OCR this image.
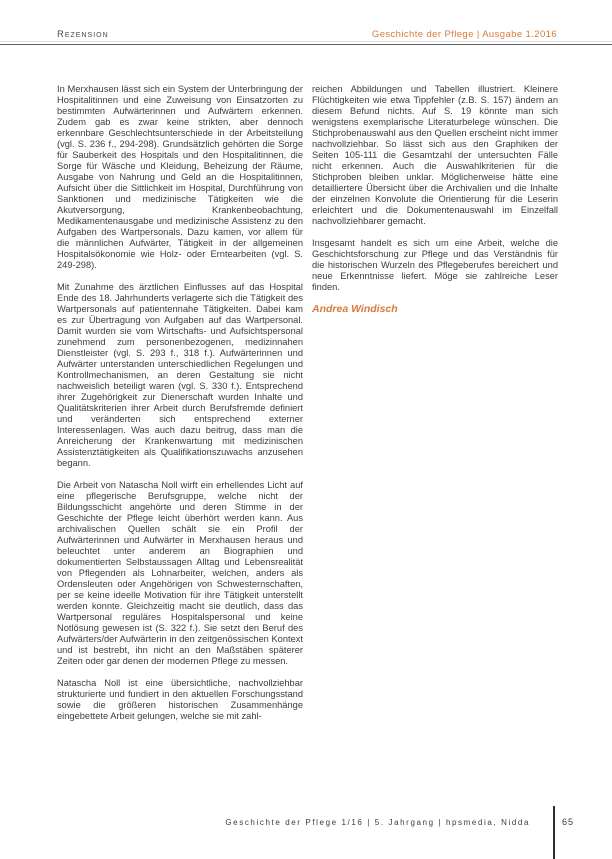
Rezension	Geschichte der Pflege | Ausgabe 1.2016

In Merxhausen lässt sich ein System der Unterbringung der Hospitalitinnen und eine Zuweisung von Einsatzorten zu bestimmten Aufwärterinnen und Aufwärtern erkennen. Zudem gab es zwar keine strikten, aber dennoch erkennbare Geschlechtsunterschiede in der Arbeitsteilung (vgl. S. 236 f., 294-298). Grundsätzlich gehörten die Sorge für Sauberkeit des Hospitals und den Hospitalitinnen, die Sorge für Wäsche und Kleidung, Beheizung der Räume, Ausgabe von Nahrung und Geld an die Hospitalitinnen, Aufsicht über die Sittlichkeit im Hospital, Durchführung von Sanktionen und medizinische Tätigkeiten wie die Akutversorgung, Krankenbeobachtung, Medikamentenausgabe und medizinische Assistenz zu den Aufgaben des Wartpersonals. Dazu kamen, vor allem für die männlichen Aufwärter, Tätigkeit in der allgemeinen Hospitalsökonomie wie Holz- oder Erntearbeiten (vgl. S. 249-298).

Mit Zunahme des ärztlichen Einflusses auf das Hospital Ende des 18. Jahrhunderts verlagerte sich die Tätigkeit des Wartpersonals auf patientennahe Tätigkeiten. Dabei kam es zur Übertragung von Aufgaben auf das Wartpersonal. Damit wurden sie vom Wirtschafts- und Aufsichtspersonal zunehmend zum personenbezogenen, medizinnahen Dienstleister (vgl. S. 293 f., 318 f.). Aufwärterinnen und Aufwärter unterstanden unterschiedlichen Regelungen und Kontrollmechanismen, an deren Gestaltung sie nicht nachweislich beteiligt waren (vgl. S. 330 f.). Entsprechend ihrer Zugehörigkeit zur Dienerschaft wurden Inhalte und Qualitätskriterien ihrer Arbeit durch Berufsfremde definiert und veränderten sich entsprechend externer Interessenlagen. Was auch dazu beitrug, dass man die Anreicherung der Krankenwartung mit medizinischen Assistenztätigkeiten als Qualifikationszuwachs anzusehen begann.

Die Arbeit von Natascha Noll wirft ein erhellendes Licht auf eine pflegerische Berufsgruppe, welche nicht der Bildungsschicht angehörte und deren Stimme in der Geschichte der Pflege leicht überhört werden kann. Aus archivalischen Quellen schält sie ein Profil der Aufwärterinnen und Aufwärter in Merxhausen heraus und beleuchtet unter anderem an Biographien und dokumentierten Selbstaussagen Alltag und Lebensrealität von Pflegenden als Lohnarbeiter, welchen, anders als Ordensleuten oder Angehörigen von Schwesternschaften, per se keine ideelle Motivation für ihre Tätigkeit unterstellt werden konnte. Gleichzeitig macht sie deutlich, dass das Wartpersonal reguläres Hospitalspersonal und keine Notlösung gewesen ist (S. 322 f.). Sie setzt den Beruf des Aufwärters/der Aufwärterin in den zeitgenössischen Kontext und ist bestrebt, ihn nicht an den Maßstäben späterer Zeiten oder gar denen der modernen Pflege zu messen.

Natascha Noll ist eine übersichtliche, nachvollziehbar strukturierte und fundiert in den aktuellen Forschungsstand sowie die größeren historischen Zusammenhänge eingebettete Arbeit gelungen, welche sie mit zahl-

reichen Abbildungen und Tabellen illustriert. Kleinere Flüchtigkeiten wie etwa Tippfehler (z.B. S. 157) ändern an diesem Befund nichts. Auf S. 19 könnte man sich wenigstens exemplarische Literaturbelege wünschen. Die Stichprobenauswahl aus den Quellen erscheint nicht immer nachvollziehbar. So lässt sich aus den Graphiken der Seiten 105-111 die Gesamtzahl der untersuchten Fälle nicht erkennen. Auch die Auswahlkriterien für die Stichproben bleiben unklar. Möglicherweise hätte eine detailliertere Übersicht über die Archivalien und die Inhalte der einzelnen Konvolute die Orientierung für die Leserin erleichtert und die Dokumentenauswahl im Einzelfall nachvollziehbarer gemacht.

Insgesamt handelt es sich um eine Arbeit, welche die Geschichtsforschung zur Pflege und das Verständnis für die historischen Wurzeln des Pflegeberufes bereichert und neue Erkenntnisse liefert. Möge sie zahlreiche Leser finden.

Andrea Windisch

Geschichte der Pflege 1/16 | 5. Jahrgang | hpsmedia, Nidda	65
